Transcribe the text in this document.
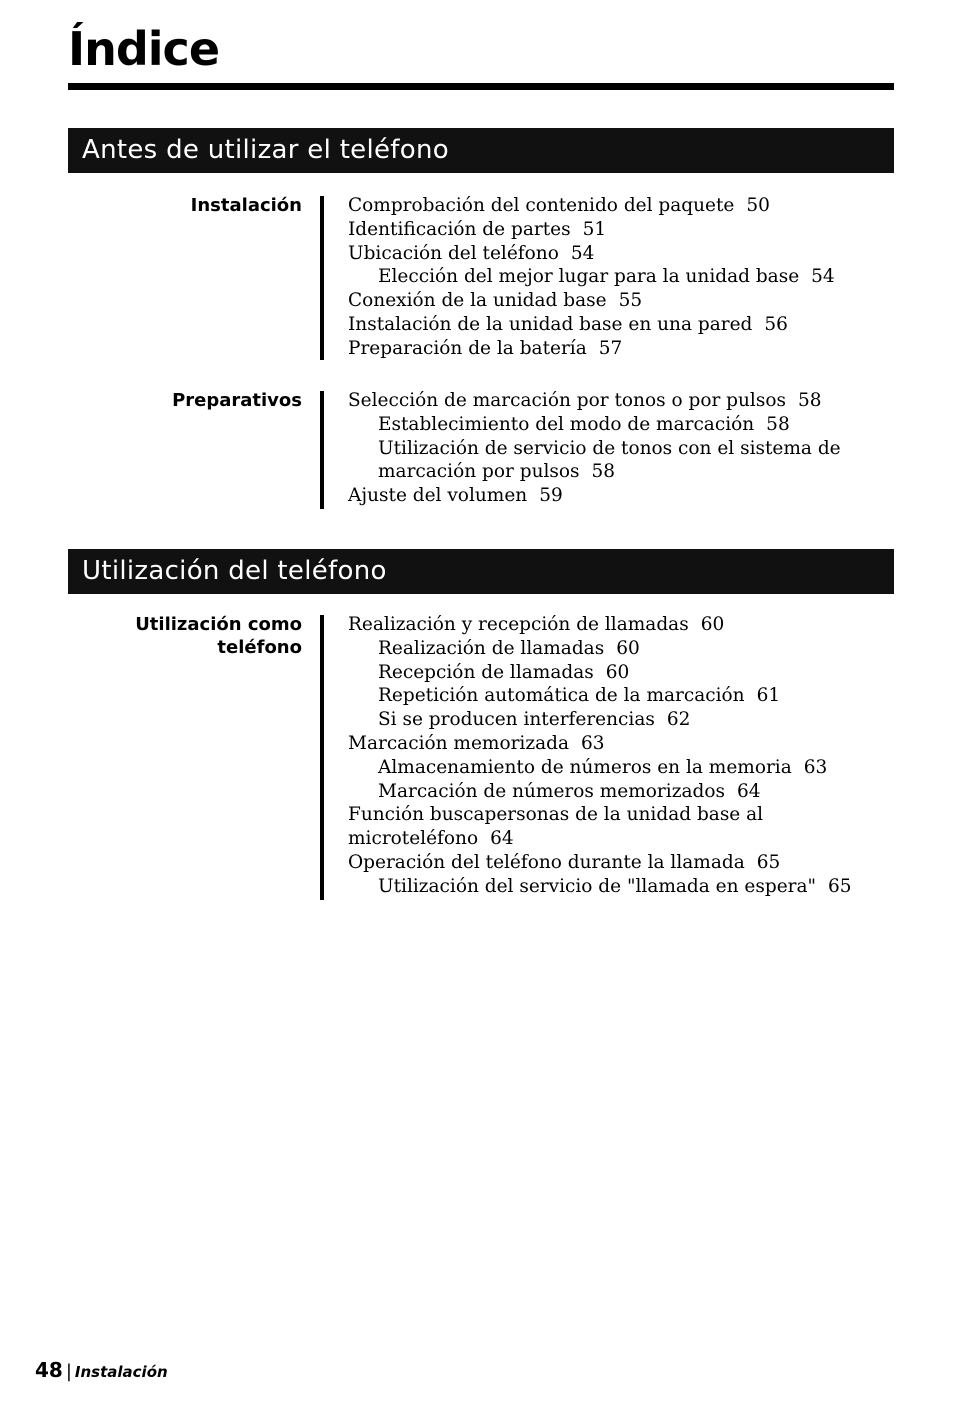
Índice
Antes de utilizar el teléfono
Instalación Comprobación del contenido del paquete 50
Identificación de partes 51
Ubicación del teléfono 54
Elección del mejor lugar para la unidad base 54
Conexión de la unidad base 55
Instalación de la unidad base en una pared 56
Preparación de la batería 57
Preparativos Selección de marcación por tonos o por pulsos 58
Establecimiento del modo de marcación 58
Utilización de servicio de tonos con el sistema de marcación por pulsos 58
Ajuste del volumen 59
Utilización del teléfono
Utilización como teléfono
Realización y recepción de llamadas 60
Realización de llamadas 60
Recepción de llamadas 60
Repetición automática de la marcación 61
Si se producen interferencias 62
Marcación memorizada 63
Almacenamiento de números en la memoria 63
Marcación de números memorizados 64
Función buscapersonas de la unidad base al microteléfono 64
Operación del teléfono durante la llamada 65
Utilización del servicio de "llamada en espera" 65
48 | Instalación
